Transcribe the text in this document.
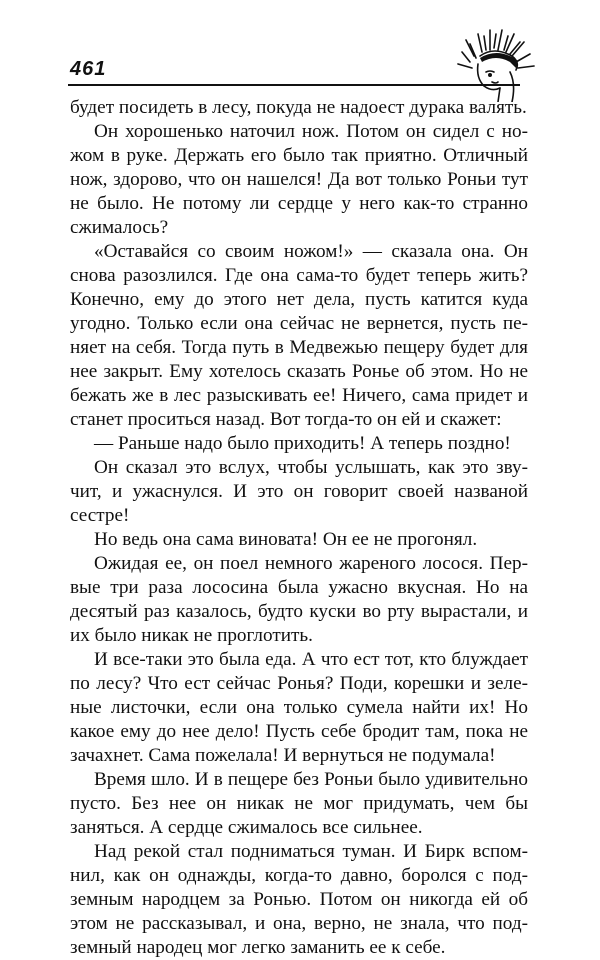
461

будет посидеть в лесу, покуда не надоест дурака валять.

Он хорошенько наточил нож. Потом он сидел с ножом в руке. Держать его было так приятно. Отличный нож, здорово, что он нашелся! Да вот только Роньи тут не было. Не потому ли сердце у него как-то странно сжималось?

«Оставайся со своим ножом!» — сказала она. Он снова разозлился. Где она сама-то будет теперь жить? Конечно, ему до этого нет дела, пусть катится куда угодно. Только если она сейчас не вернется, пусть пеняет на себя. Тогда путь в Медвежью пещеру будет для нее закрыт. Ему хотелось сказать Ронье об этом. Но не бежать же в лес разыскивать ее! Ничего, сама придет и станет проситься назад. Вот тогда-то он ей и скажет:

— Раньше надо было приходить! А теперь поздно!

Он сказал это вслух, чтобы услышать, как это звучит, и ужаснулся. И это он говорит своей названой сестре!

Но ведь она сама виновата! Он ее не прогонял.

Ожидая ее, он поел немного жареного лосося. Первые три раза лососина была ужасно вкусная. Но на десятый раз казалось, будто куски во рту вырастали, и их было никак не проглотить.

И все-таки это была еда. А что ест тот, кто блуждает по лесу? Что ест сейчас Ронья? Поди, корешки и зеленые листочки, если она только сумела найти их! Но какое ему до нее дело! Пусть себе бродит там, пока не зачахнет. Сама пожелала! И вернуться не подумала!

Время шло. И в пещере без Роньи было удивительно пусто. Без нее он никак не мог придумать, чем бы заняться. А сердце сжималось все сильнее.

Над рекой стал подниматься туман. И Бирк вспомнил, как он однажды, когда-то давно, боролся с подземным народцем за Ронью. Потом он никогда ей об этом не рассказывал, и она, верно, не знала, что подземный народец мог легко заманить ее к себе.
